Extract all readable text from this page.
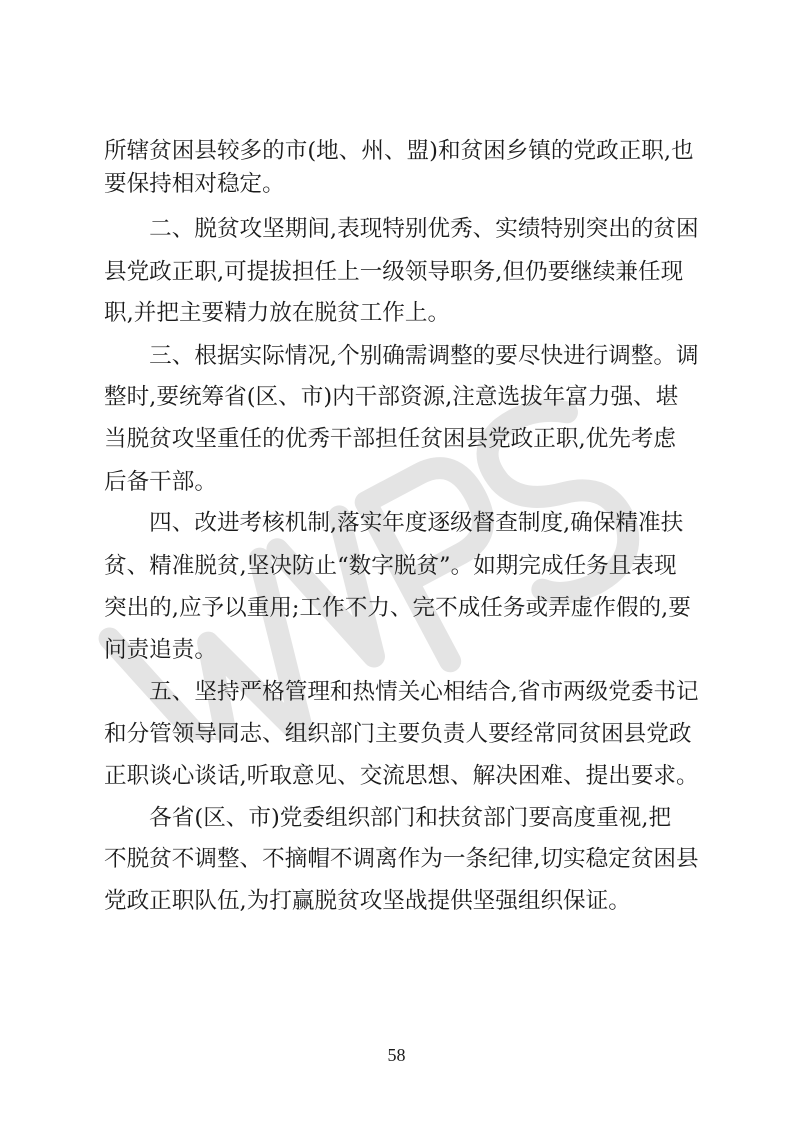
所辖贫困县较多的市(地、州、盟)和贫困乡镇的党政正职,也
要保持相对稳定。
　　二、脱贫攻坚期间,表现特别优秀、实绩特别突出的贫困
县党政正职,可提拔担任上一级领导职务,但仍要继续兼任现
职,并把主要精力放在脱贫工作上。
　　三、根据实际情况,个别确需调整的要尽快进行调整。调
整时,要统筹省(区、市)内干部资源,注意选拔年富力强、堪
当脱贫攻坚重任的优秀干部担任贫困县党政正职,优先考虑
后备干部。
　　四、改进考核机制,落实年度逐级督查制度,确保精准扶
贫、精准脱贫,坚决防止“数字脱贫”。如期完成任务且表现
突出的,应予以重用;工作不力、完不成任务或弄虚作假的,要
问责追责。
　　五、坚持严格管理和热情关心相结合,省市两级党委书记
和分管领导同志、组织部门主要负责人要经常同贫困县党政
正职谈心谈话,听取意见、交流思想、解决困难、提出要求。
　　各省(区、市)党委组织部门和扶贫部门要高度重视,把
不脱贫不调整、不摘帽不调离作为一条纪律,切实稳定贫困县
党政正职队伍,为打赢脱贫攻坚战提供坚强组织保证。
58
